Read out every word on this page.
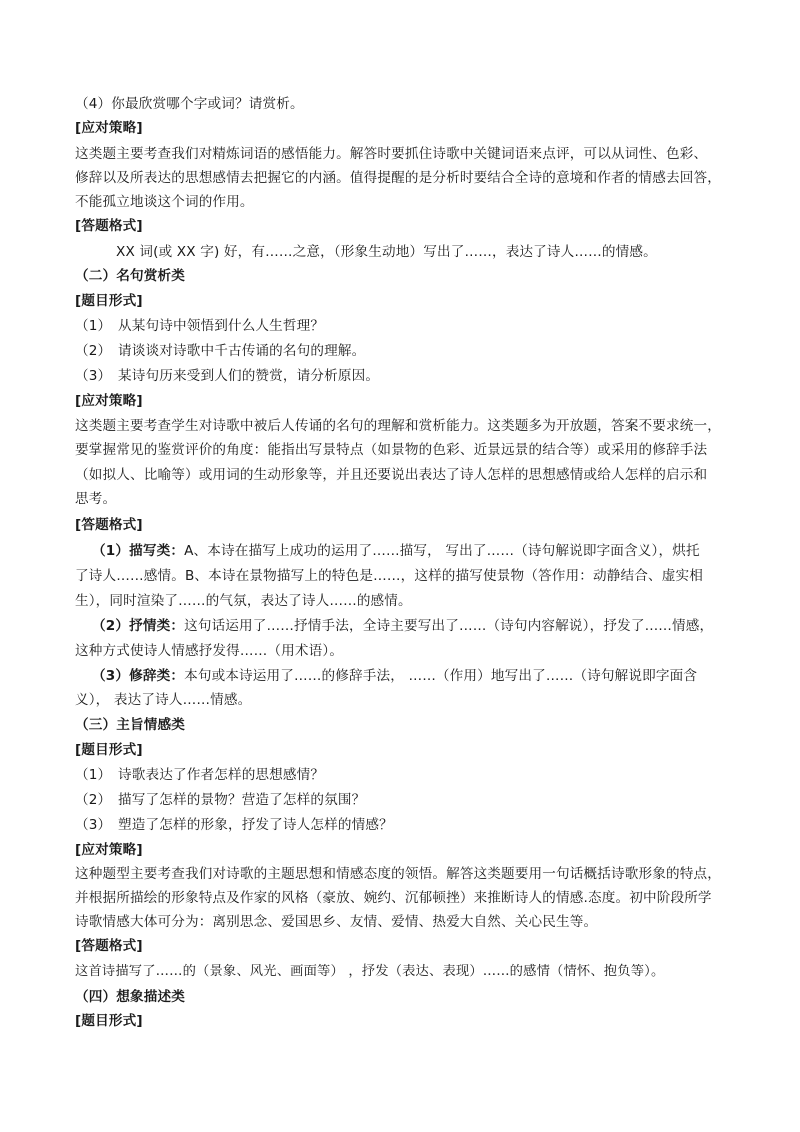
（4）你最欣赏哪个字或词？请赏析。
[应对策略]
这类题主要考查我们对精炼词语的感悟能力。解答时要抓住诗歌中关键词语来点评，可以从词性、色彩、
修辞以及所表达的思想感情去把握它的内涵。值得提醒的是分析时要结合全诗的意境和作者的情感去回答，
不能孤立地谈这个词的作用。
[答题格式]
XX 词(或 XX 字) 好，有……之意，（形象生动地）写出了……，表达了诗人……的情感。
（二）名句赏析类
[题目形式]
（1） 从某句诗中领悟到什么人生哲理？
（2） 请谈谈对诗歌中千古传诵的名句的理解。
（3） 某诗句历来受到人们的赞赏，请分析原因。
[应对策略]
这类题主要考查学生对诗歌中被后人传诵的名句的理解和赏析能力。这类题多为开放题，答案不要求统一，
要掌握常见的鉴赏评价的角度：能指出写景特点（如景物的色彩、近景远景的结合等）或采用的修辞手法
（如拟人、比喻等）或用词的生动形象等，并且还要说出表达了诗人怎样的思想感情或给人怎样的启示和
思考。
[答题格式]
（1）描写类：A、本诗在描写上成功的运用了……描写， 写出了……（诗句解说即字面含义），烘托
了诗人……感情。B、本诗在景物描写上的特色是……，这样的描写使景物（答作用：动静结合、虚实相
生），同时渲染了……的气氛，表达了诗人……的感情。
（2）抒情类：这句话运用了……抒情手法，全诗主要写出了……（诗句内容解说），抒发了……情感，
这种方式使诗人情感抒发得……（用术语）。
（3）修辞类：本句或本诗运用了……的修辞手法， ……（作用）地写出了……（诗句解说即字面含
义）， 表达了诗人……情感。
（三）主旨情感类
[题目形式]
（1） 诗歌表达了作者怎样的思想感情？
（2） 描写了怎样的景物？营造了怎样的氛围？
（3） 塑造了怎样的形象，抒发了诗人怎样的情感？
[应对策略]
这种题型主要考查我们对诗歌的主题思想和情感态度的领悟。解答这类题要用一句话概括诗歌形象的特点，
并根据所描绘的形象特点及作家的风格（豪放、婉约、沉郁顿挫）来推断诗人的情感.态度。初中阶段所学
诗歌情感大体可分为：离别思念、爱国思乡、友情、爱情、热爱大自然、关心民生等。
[答题格式]
这首诗描写了……的（景象、风光、画面等） ，抒发（表达、表现）……的感情（情怀、抱负等）。
（四）想象描述类
[题目形式]
